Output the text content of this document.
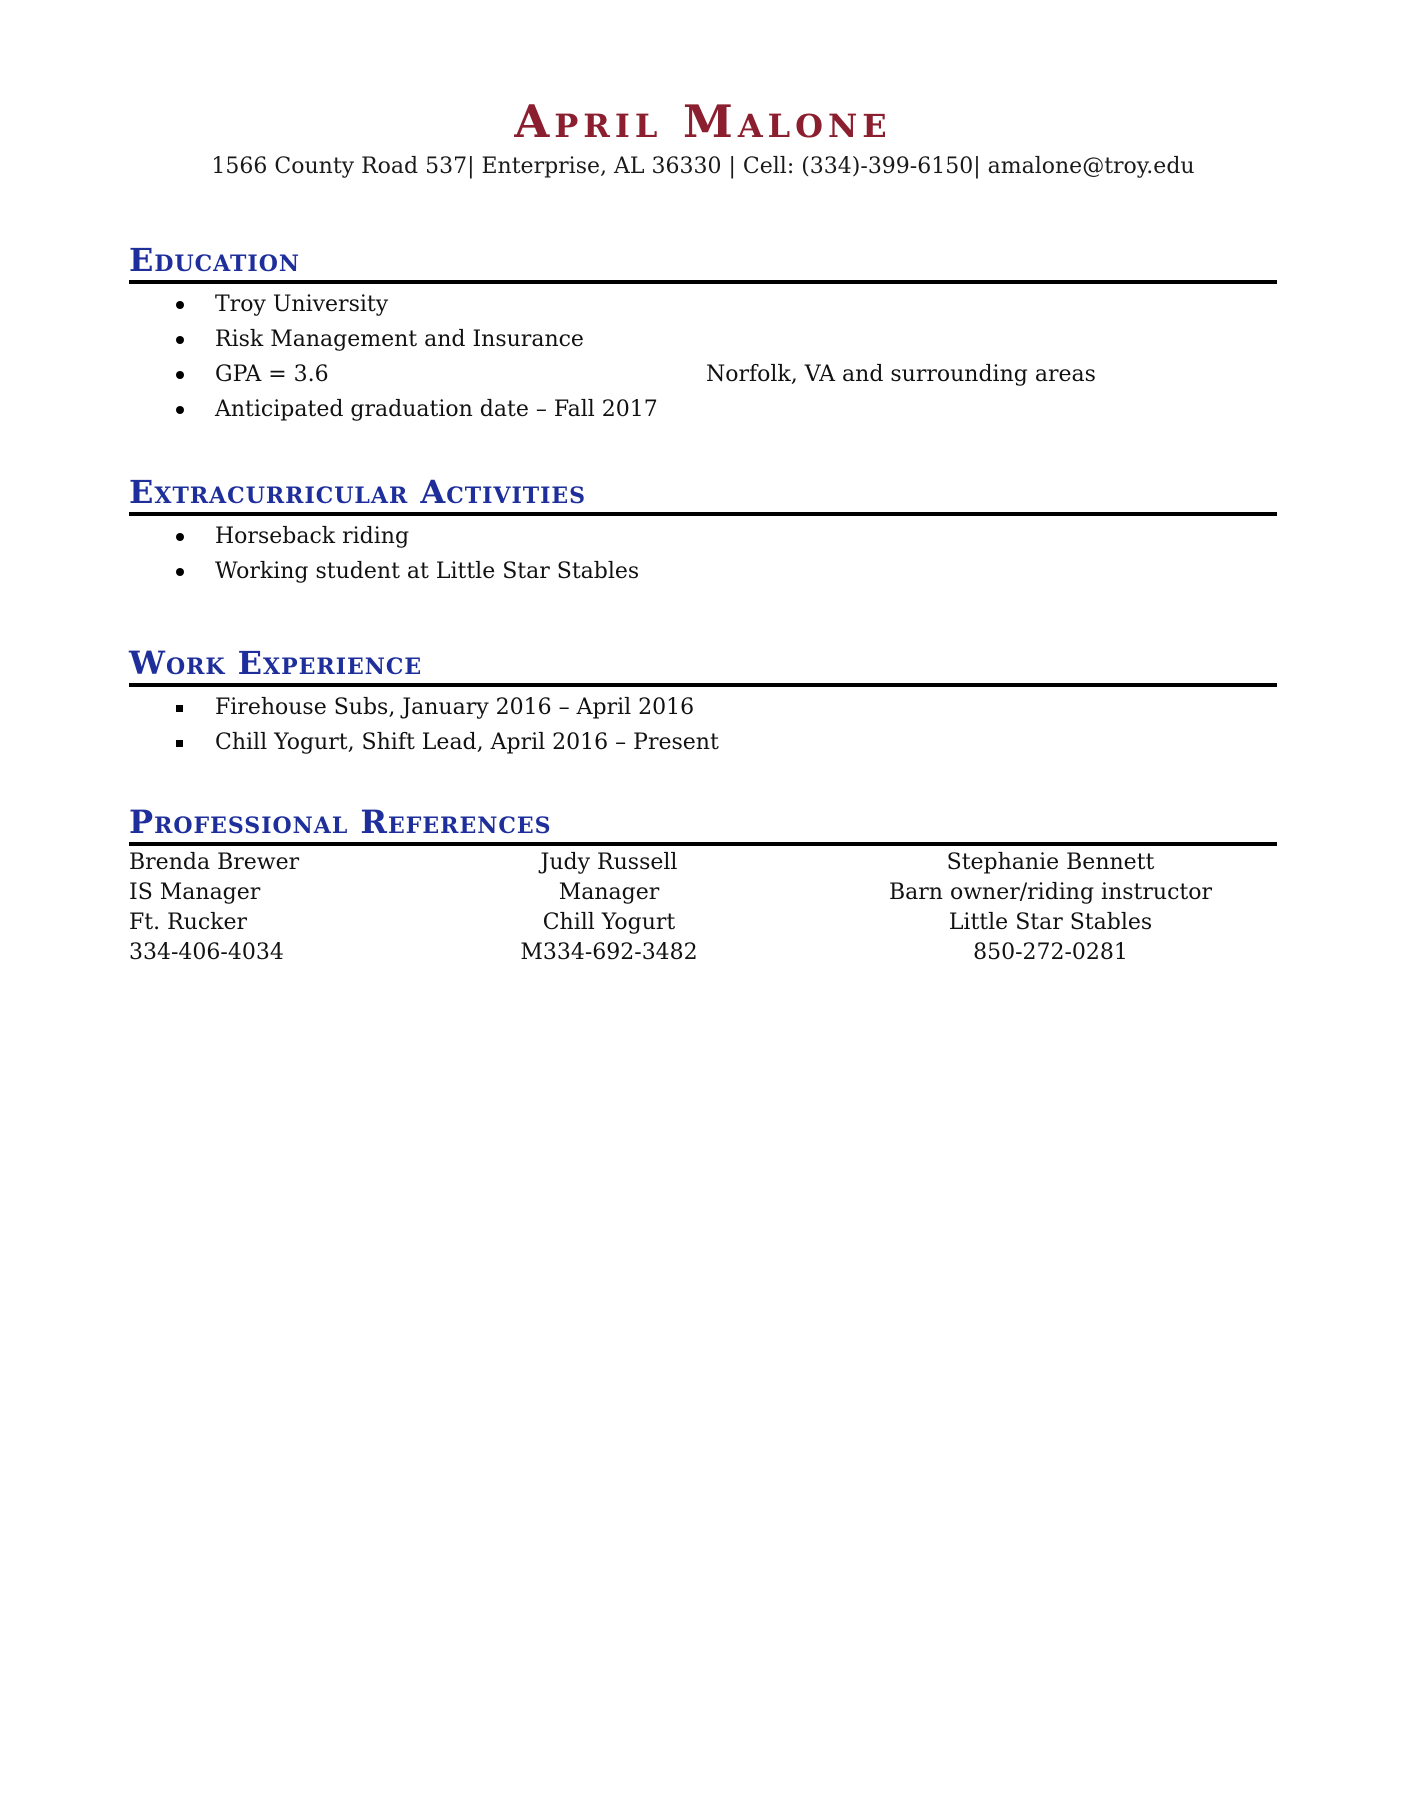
April Malone
1566 County Road 537| Enterprise, AL 36330 | Cell: (334)-399-6150| amalone@troy.edu
Education
Troy University
Risk Management and Insurance
GPA = 3.6	Norfolk, VA and surrounding areas
Anticipated graduation date – Fall 2017
Extracurricular Activities
Horseback riding
Working student at Little Star Stables
Work Experience
Firehouse Subs, January 2016 – April 2016
Chill Yogurt, Shift Lead, April 2016 – Present
Professional References
Brenda Brewer
IS Manager
Ft. Rucker
334-406-4034
Judy Russell
Manager
Chill Yogurt
M334-692-3482
Stephanie Bennett
Barn owner/riding instructor
Little Star Stables
850-272-0281
